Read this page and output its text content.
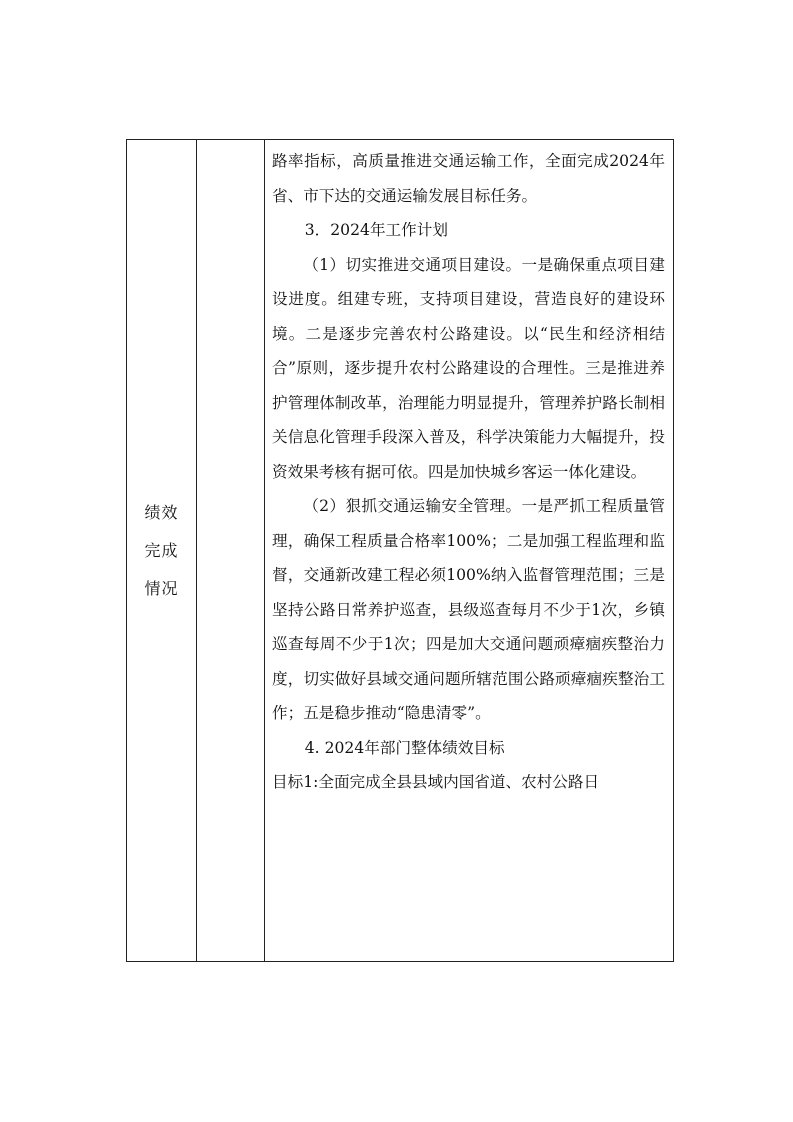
绩效
完成
情况

路率指标，高质量推进交通运输工作，全面完成2024年省、市下达的交通运输发展目标任务。

3．2024年工作计划

（1）切实推进交通项目建设。一是确保重点项目建设进度。组建专班，支持项目建设，营造良好的建设环境。二是逐步完善农村公路建设。以“民生和经济相结合”原则，逐步提升农村公路建设的合理性。三是推进养护管理体制改革，治理能力明显提升，管理养护路长制相关信息化管理手段深入普及，科学决策能力大幅提升，投资效果考核有据可依。四是加快城乡客运一体化建设。

（2）狠抓交通运输安全管理。一是严抓工程质量管理，确保工程质量合格率100%；二是加强工程监理和监督，交通新改建工程必须100%纳入监督管理范围；三是坚持公路日常养护巡查，县级巡查每月不少于1次，乡镇巡查每周不少于1次；四是加大交通问题顽瘴痼疾整治力度，切实做好县域交通问题所辖范围公路顽瘴痼疾整治工作；五是稳步推动“隐患清零”。

4. 2024年部门整体绩效目标

目标1:全面完成全县县域内国省道、农村公路日
